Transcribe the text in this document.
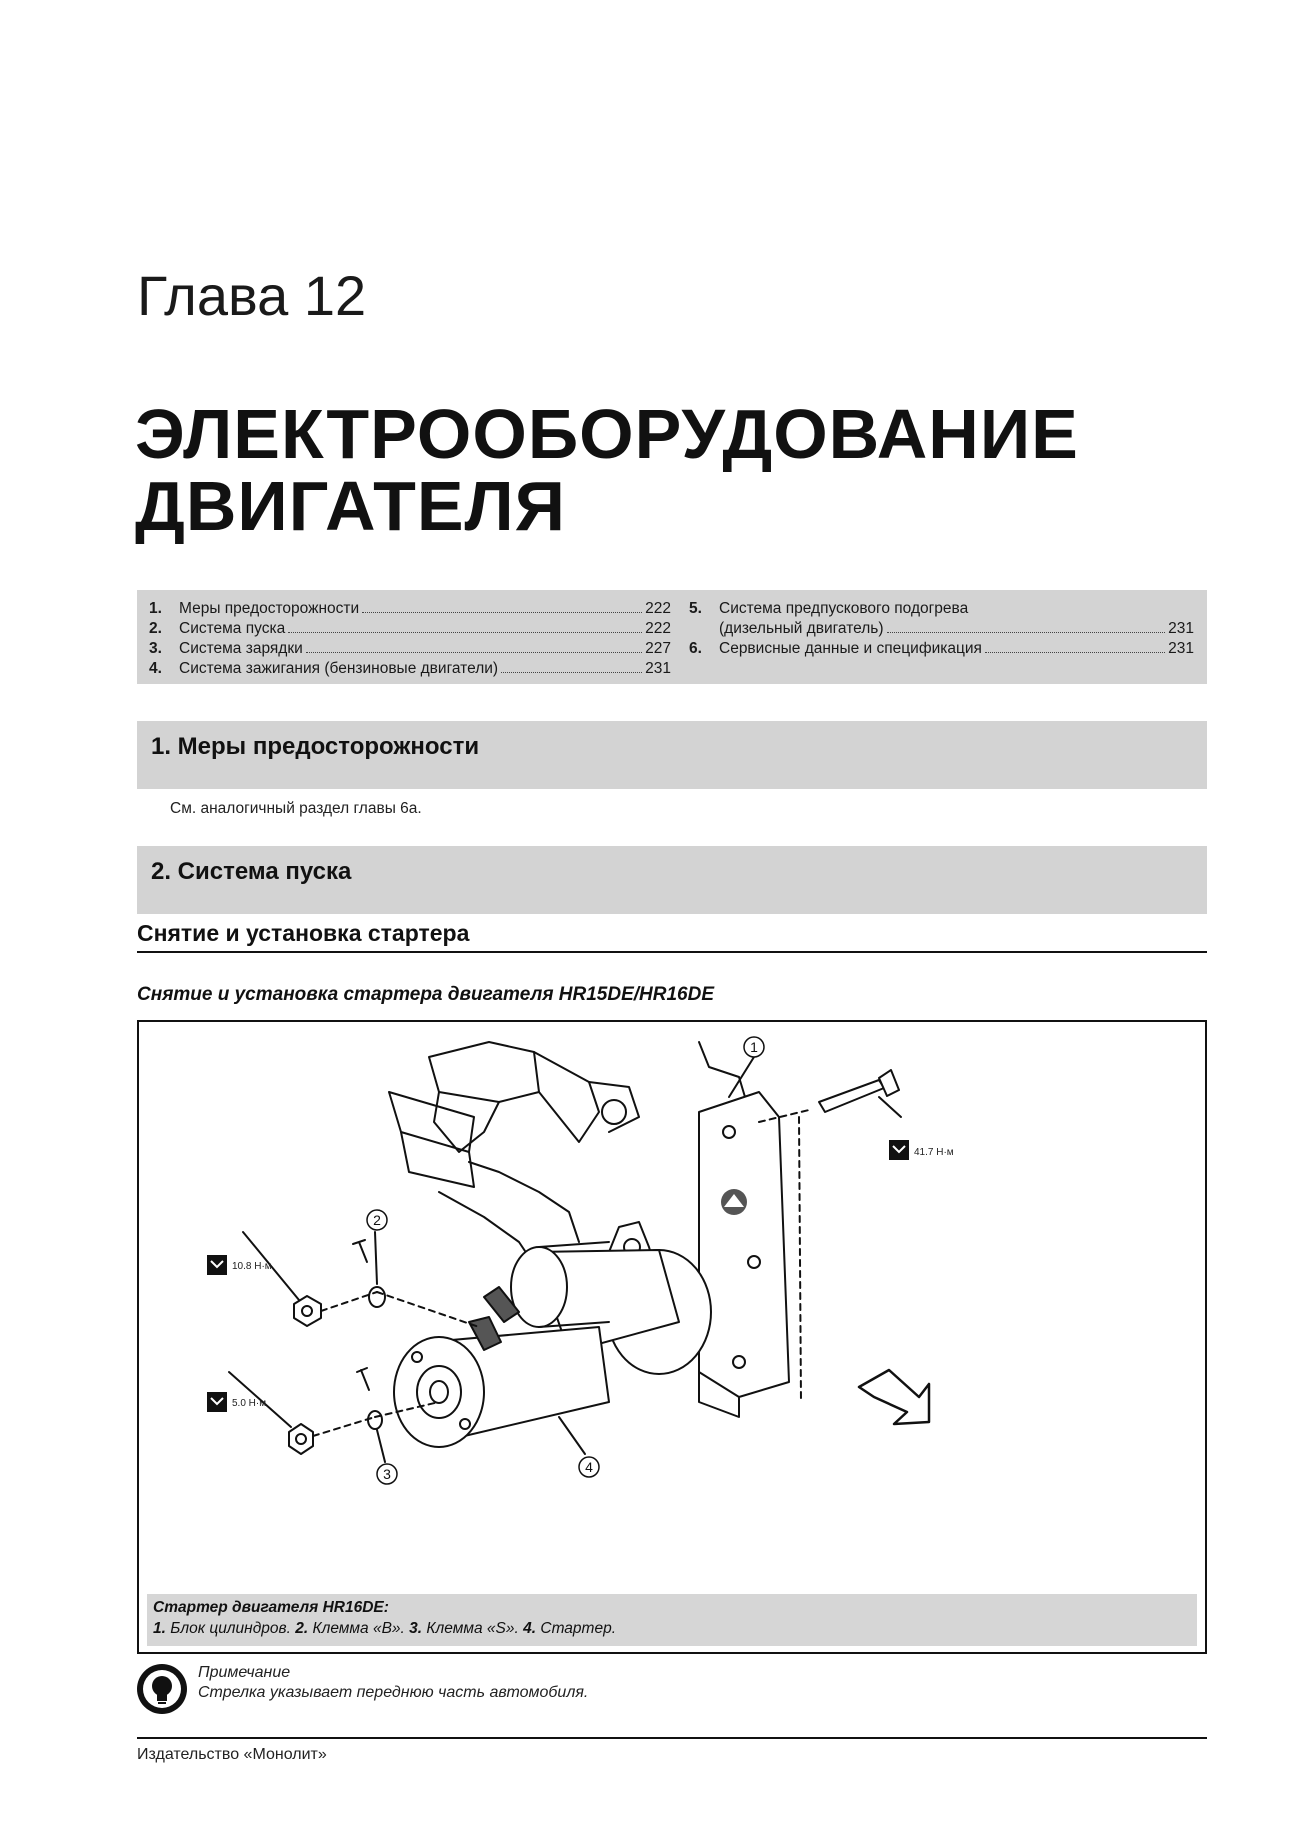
Глава 12
ЭЛЕКТРООБОРУДОВАНИЕ
ДВИГАТЕЛЯ
1.	Меры предосторожности	222
2.	Система пуска	222
3.	Система зарядки	227
4.	Система зажигания (бензиновые двигатели)	231
5.	Система предпускового подогрева
(дизельный двигатель)	231
6.	Сервисные данные и спецификация	231
1. Меры предосторожности
См. аналогичный раздел главы 6а.
2. Система пуска
Снятие и установка стартера
Снятие и установка стартера двигателя HR15DE/HR16DE
1
2
3	4
41.7 Н·м
10.8 Н·м
5.0 Н·м
Стартер двигателя HR16DE:
1. Блок цилиндров. 2. Клемма «B». 3. Клемма «S». 4. Стартер.
Примечание
Стрелка указывает переднюю часть автомобиля.
Издательство «Монолит»
